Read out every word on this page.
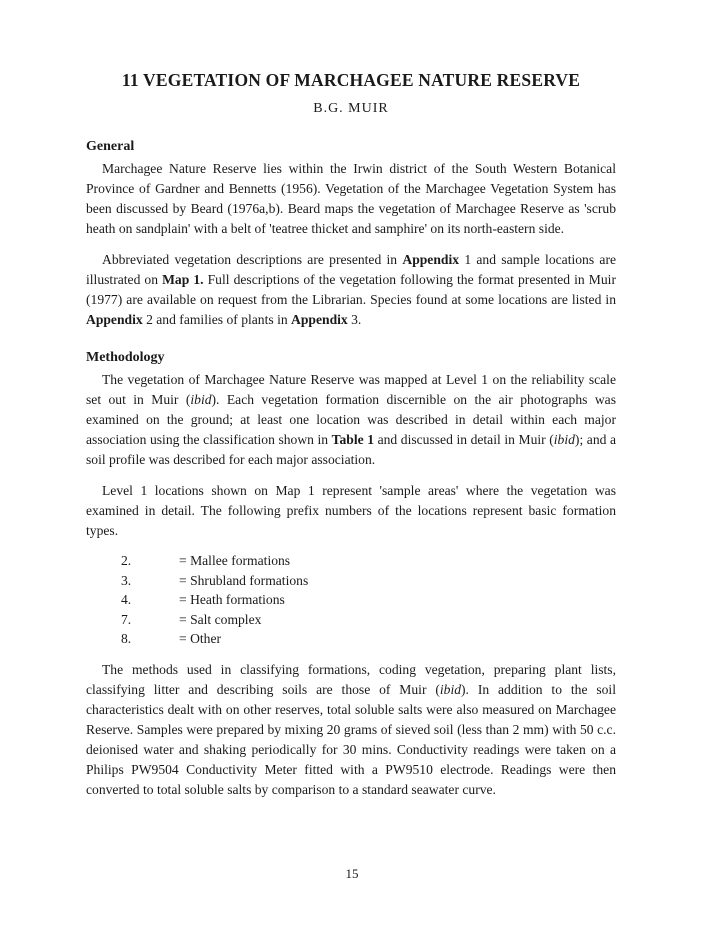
11 VEGETATION OF MARCHAGEE NATURE RESERVE
B.G. MUIR
General

Marchagee Nature Reserve lies within the Irwin district of the South Western Botanical Province of Gardner and Bennetts (1956). Vegetation of the Marchagee Vegetation System has been discussed by Beard (1976a,b). Beard maps the vegetation of Marchagee Reserve as 'scrub heath on sandplain' with a belt of 'teatree thicket and samphire' on its north-eastern side.

Abbreviated vegetation descriptions are presented in Appendix 1 and sample locations are illustrated on Map 1. Full descriptions of the vegetation following the format presented in Muir (1977) are available on request from the Librarian. Species found at some locations are listed in Appendix 2 and families of plants in Appendix 3.

Methodology

The vegetation of Marchagee Nature Reserve was mapped at Level 1 on the reliability scale set out in Muir (ibid). Each vegetation formation discernible on the air photographs was examined on the ground; at least one location was described in detail within each major association using the classification shown in Table 1 and discussed in detail in Muir (ibid); and a soil profile was described for each major association.

Level 1 locations shown on Map 1 represent 'sample areas' where the vegetation was examined in detail. The following prefix numbers of the locations represent basic formation types.

2.	= Mallee formations
3.	= Shrubland formations
4.	= Heath formations
7.	= Salt complex
8.	= Other

The methods used in classifying formations, coding vegetation, preparing plant lists, classifying litter and describing soils are those of Muir (ibid). In addition to the soil characteristics dealt with on other reserves, total soluble salts were also measured on Marchagee Reserve. Samples were prepared by mixing 20 grams of sieved soil (less than 2 mm) with 50 c.c. deionised water and shaking periodically for 30 mins. Conductivity readings were taken on a Philips PW9504 Conductivity Meter fitted with a PW9510 electrode. Readings were then converted to total soluble salts by comparison to a standard seawater curve.

15
